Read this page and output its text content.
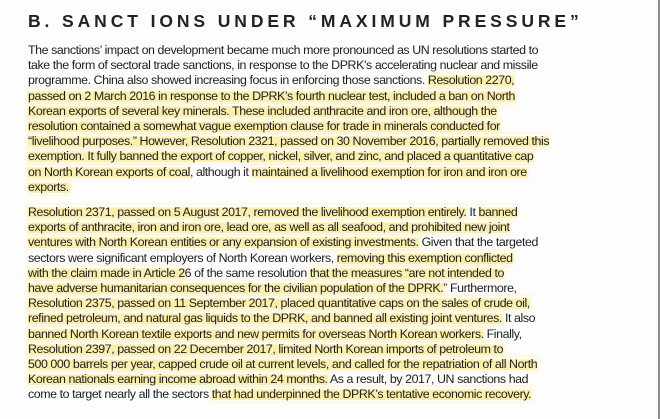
B. SANCT IONS UNDER “MAXIMUM PRESSURE”
The sanctions’ impact on development became much more pronounced as UN resolutions started to
take the form of sectoral trade sanctions, in response to the DPRK’s accelerating nuclear and missile
programme. China also showed increasing focus in enforcing those sanctions. Resolution 2270,
passed on 2 March 2016 in response to the DPRK’s fourth nuclear test, included a ban on North
Korean exports of several key minerals. These included anthracite and iron ore, although the
resolution contained a somewhat vague exemption clause for trade in minerals conducted for
“livelihood purposes.” However, Resolution 2321, passed on 30 November 2016, partially removed this
exemption. It fully banned the export of copper, nickel, silver, and zinc, and placed a quantitative cap
on North Korean exports of coal, although it maintained a livelihood exemption for iron and iron ore
exports.
Resolution 2371, passed on 5 August 2017, removed the livelihood exemption entirely. It banned
exports of anthracite, iron and iron ore, lead ore, as well as all seafood, and prohibited new joint
ventures with North Korean entities or any expansion of existing investments. Given that the targeted
sectors were significant employers of North Korean workers, removing this exemption conflicted
with the claim made in Article 26 of the same resolution that the measures “are not intended to
have adverse humanitarian consequences for the civilian population of the DPRK.” Furthermore,
Resolution 2375, passed on 11 September 2017, placed quantitative caps on the sales of crude oil,
refined petroleum, and natural gas liquids to the DPRK, and banned all existing joint ventures. It also
banned North Korean textile exports and new permits for overseas North Korean workers. Finally,
Resolution 2397, passed on 22 December 2017, limited North Korean imports of petroleum to
500 000 barrels per year, capped crude oil at current levels, and called for the repatriation of all North
Korean nationals earning income abroad within 24 months. As a result, by 2017, UN sanctions had
come to target nearly all the sectors that had underpinned the DPRK’s tentative economic recovery.
